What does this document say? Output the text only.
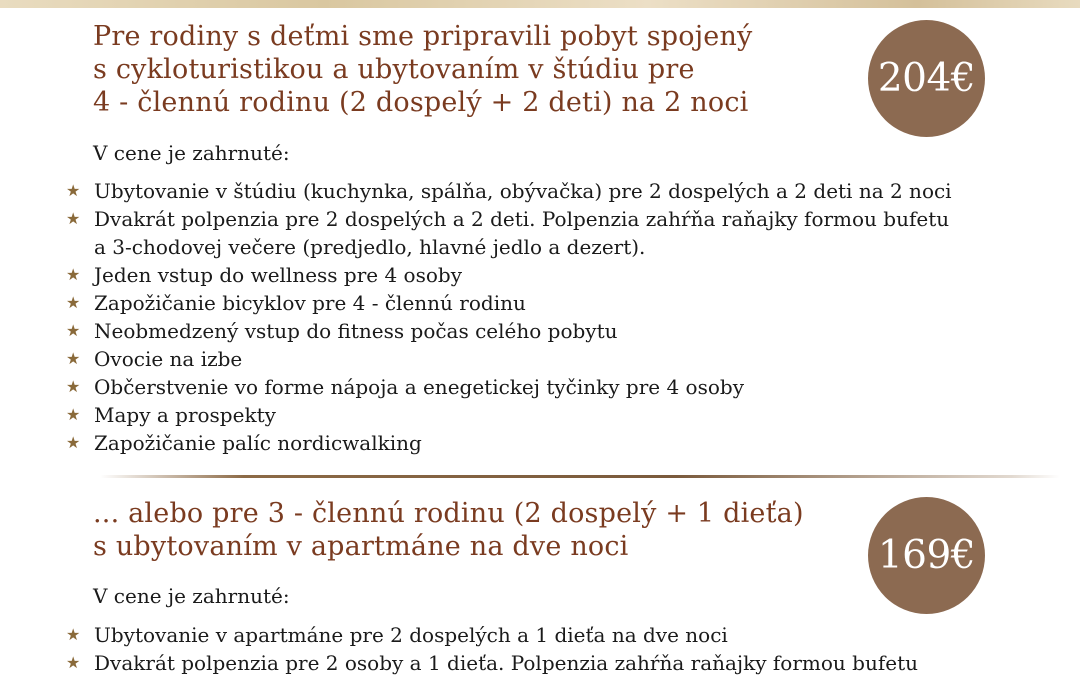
Pre rodiny s deťmi sme pripravili pobyt spojený
s cykloturistikou a ubytovaním v štúdiu pre
4 - člennú rodinu (2 dospelý + 2 deti) na 2 noci
204€
V cene je zahrnuté:
★ Ubytovanie v štúdiu (kuchynka, spálňa, obývačka) pre 2 dospelých a 2 deti na 2 noci
★ Dvakrát polpenzia pre 2 dospelých a 2 deti. Polpenzia zahŕňa raňajky formou bufetu
a 3-chodovej večere (predjedlo, hlavné jedlo a dezert).
★ Jeden vstup do wellness pre 4 osoby
★ Zapožičanie bicyklov pre 4 - člennú rodinu
★ Neobmedzený vstup do fitness počas celého pobytu
★ Ovocie na izbe
★ Občerstvenie vo forme nápoja a enegetickej tyčinky pre 4 osoby
★ Mapy a prospekty
★ Zapožičanie palíc nordicwalking
... alebo pre 3 - člennú rodinu (2 dospelý + 1 dieťa)
s ubytovaním v apartmáne na dve noci	169€
V cene je zahrnuté:
★ Ubytovanie v apartmáne pre 2 dospelých a 1 dieťa na dve noci
★ Dvakrát polpenzia pre 2 osoby a 1 dieťa. Polpenzia zahŕňa raňajky formou bufetu
